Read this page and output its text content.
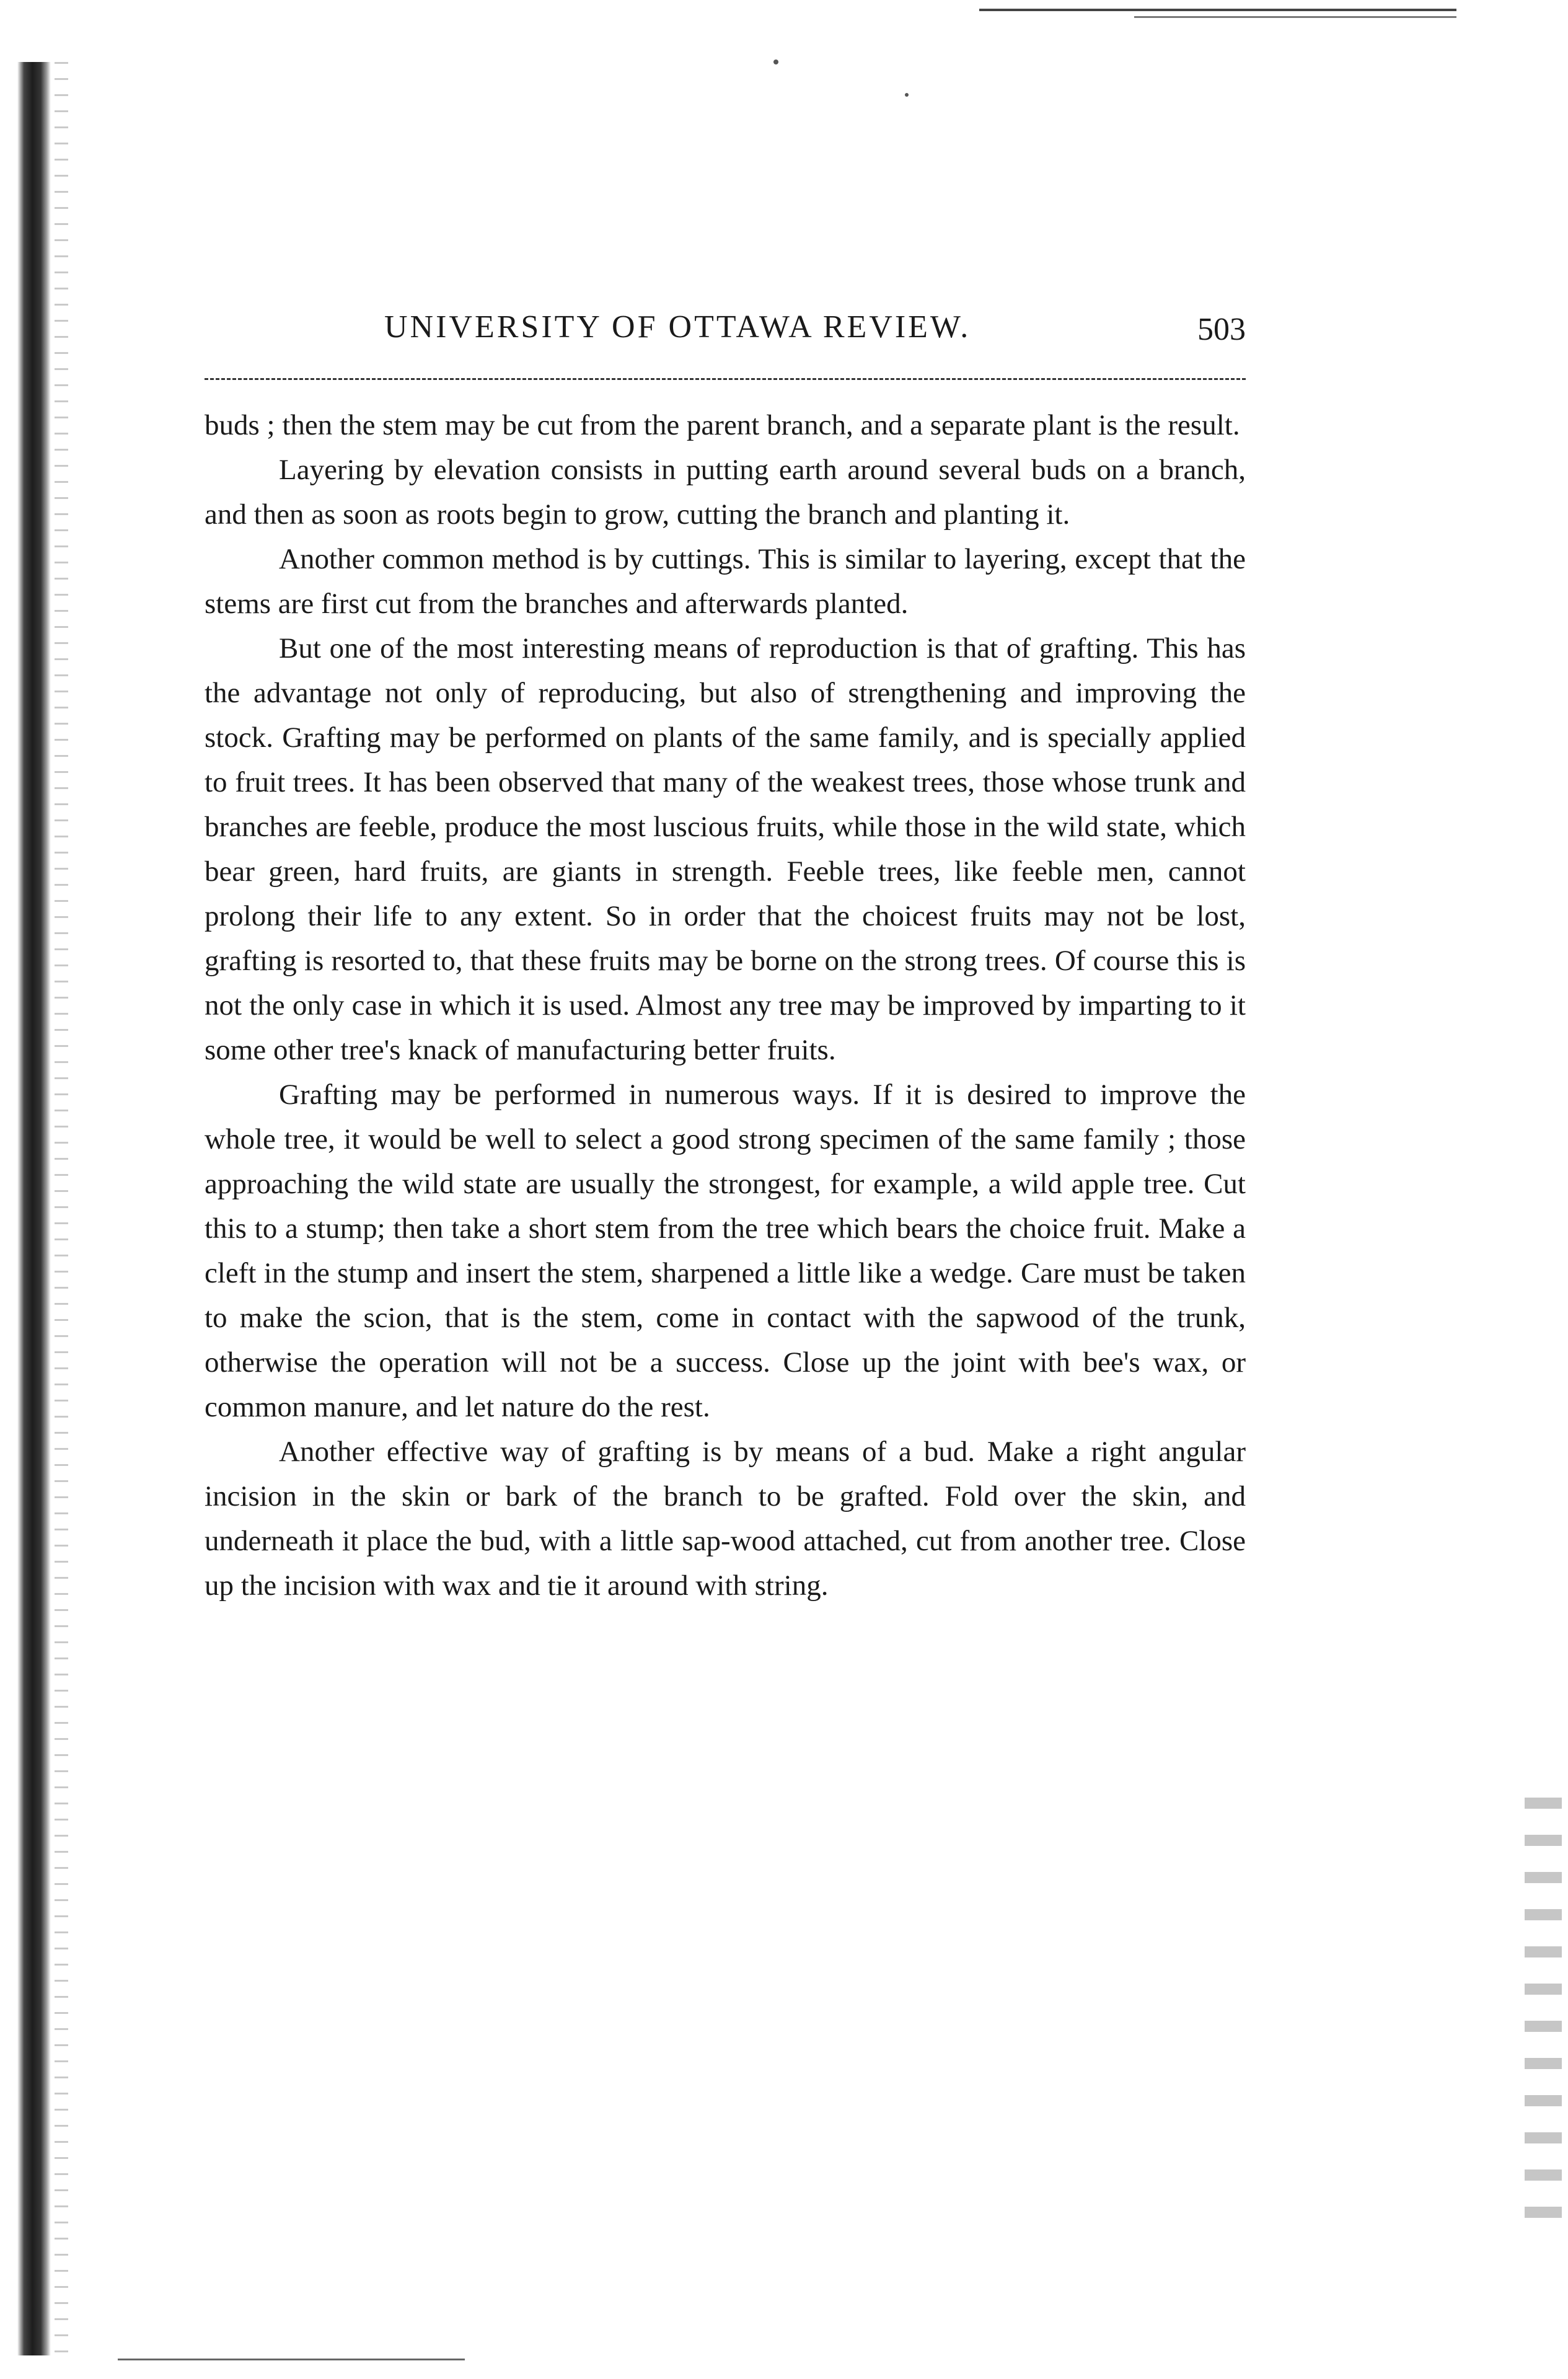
UNIVERSITY OF OTTAWA REVIEW.	503

buds ; then the stem may be cut from the parent branch, and a separate plant is the result.

Layering by elevation consists in putting earth around several buds on a branch, and then as soon as roots begin to grow, cutting the branch and planting it.

Another common method is by cuttings. This is similar to layering, except that the stems are first cut from the branches and afterwards planted.

But one of the most interesting means of reproduction is that of grafting. This has the advantage not only of reproducing, but also of strengthening and improving the stock. Grafting may be performed on plants of the same family, and is specially applied to fruit trees. It has been observed that many of the weakest trees, those whose trunk and branches are feeble, produce the most luscious fruits, while those in the wild state, which bear green, hard fruits, are giants in strength. Feeble trees, like feeble men, cannot prolong their life to any extent. So in order that the choicest fruits may not be lost, grafting is resorted to, that these fruits may be borne on the strong trees. Of course this is not the only case in which it is used. Almost any tree may be improved by imparting to it some other tree's knack of manufacturing better fruits.

Grafting may be performed in numerous ways. If it is desired to improve the whole tree, it would be well to select a good strong specimen of the same family ; those approaching the wild state are usually the strongest, for example, a wild apple tree. Cut this to a stump; then take a short stem from the tree which bears the choice fruit. Make a cleft in the stump and insert the stem, sharpened a little like a wedge. Care must be taken to make the scion, that is the stem, come in contact with the sapwood of the trunk, otherwise the operation will not be a success. Close up the joint with bee's wax, or common manure, and let nature do the rest.

Another effective way of grafting is by means of a bud. Make a right angular incision in the skin or bark of the branch to be grafted. Fold over the skin, and underneath it place the bud, with a little sap-wood attached, cut from another tree. Close up the incision with wax and tie it around with string.
